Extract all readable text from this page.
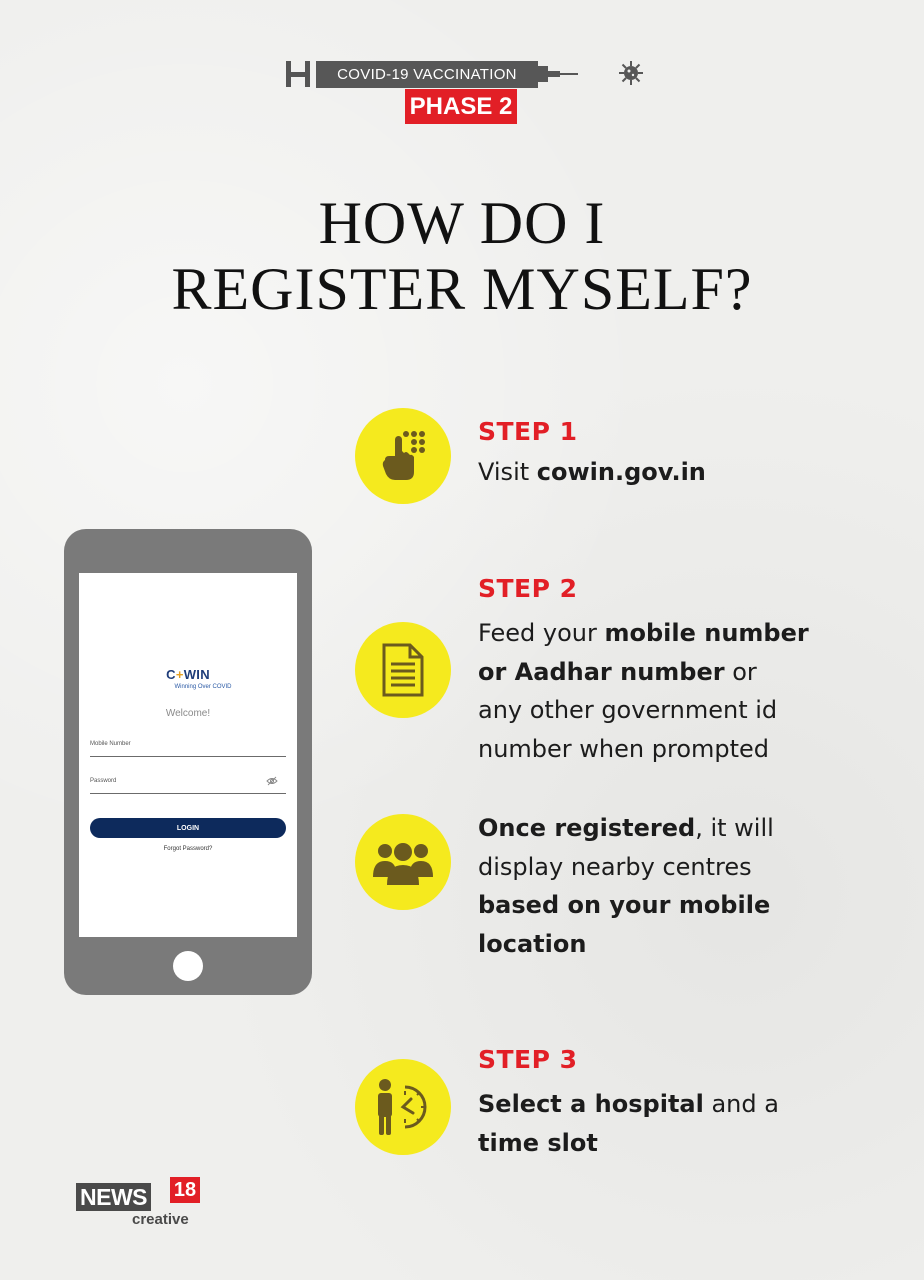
COVID-19 VACCINATION
PHASE 2
HOW DO I
REGISTER MYSELF?
C+WIN
Winning Over COVID
Welcome!
Mobile Number
Password
LOGIN
Forgot Password?
STEP 1
Visit cowin.gov.in
STEP 2
Feed your mobile number
or Aadhar number or
any other government id
number when prompted
Once registered, it will
display nearby centres
based on your mobile
location
STEP 3
Select a hospital and a
time slot
NEWS 18
creative
